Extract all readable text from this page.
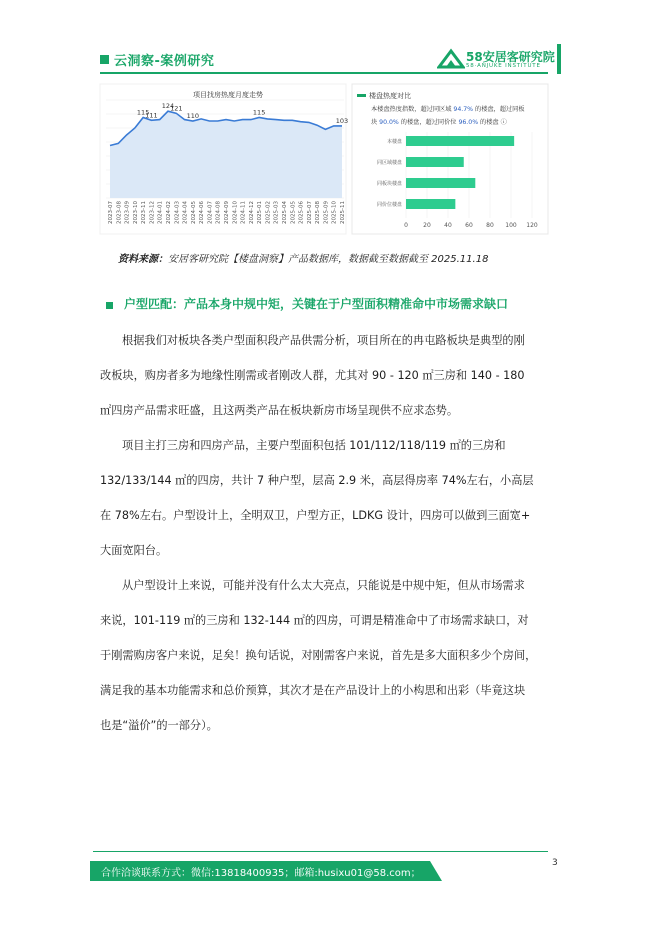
云洞察-案例研究	58安居客研究院
58·ANJUKE INSTITUTE
项目找房热度月度走势
115
111
124
121
110	115
103
2023-07 2023-08 2023-09 2023-10 2023-11 2023-12 2024-01 2024-02 2024-03 2024-04 2024-05 2024-06 2024-07 2024-08 2024-09 2024-10 2024-11 2024-12 2025-01 2025-02 2025-03 2025-04 2025-05 2025-06 2025-07 2025-08 2025-09 2025-10 2025-11
楼盘热度对比
本楼盘热度指数，超过同区域 94.7% 的楼盘，超过同板
块 90.0% 的楼盘，超过同价位 96.0% 的楼盘 ⓘ
本楼盘
同区域楼盘
同板块楼盘
同价位楼盘
0	20 40 60 80 100 120
资料来源：安居客研究院【楼盘洞察】产品数据库，数据截至数据截至 2025.11.18
户型匹配：产品本身中规中矩，关键在于户型面积精准命中市场需求缺口
根据我们对板块各类户型面积段产品供需分析，项目所在的冉屯路板块是典型的刚
改板块，购房者多为地缘性刚需或者刚改人群，尤其对 90 - 120 ㎡三房和 140 - 180
㎡四房产品需求旺盛，且这两类产品在板块新房市场呈现供不应求态势。
项目主打三房和四房产品，主要户型面积包括 101/112/118/119 ㎡的三房和
132/133/144 ㎡的四房，共计 7 种户型，层高 2.9 米，高层得房率 74%左右，小高层
在 78%左右。户型设计上，全明双卫，户型方正，LDKG 设计，四房可以做到三面宽+
大面宽阳台。
从户型设计上来说，可能并没有什么太大亮点，只能说是中规中矩，但从市场需求
来说，101-119 ㎡的三房和 132-144 ㎡的四房，可谓是精准命中了市场需求缺口，对
于刚需购房客户来说，足矣！换句话说，对刚需客户来说，首先是多大面积多少个房间，
满足我的基本功能需求和总价预算，其次才是在产品设计上的小构思和出彩（毕竟这块
也是“溢价”的一部分）。
合作洽谈联系方式：微信:13818400935；邮箱:husixu01@58.com；
3
